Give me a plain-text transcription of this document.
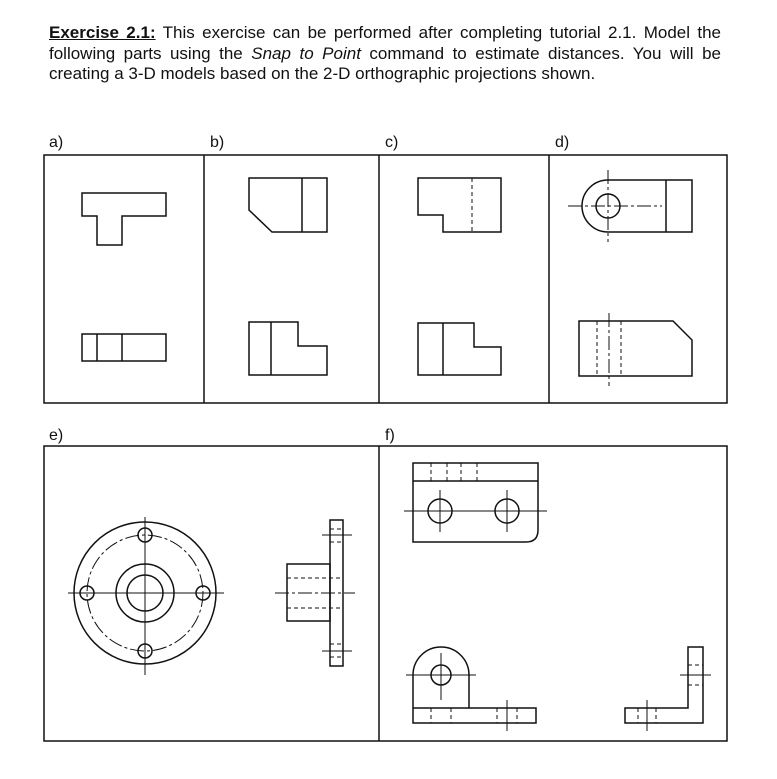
Exercise 2.1: This exercise can be performed after completing tutorial 2.1. Model the following parts using the Snap to Point command to estimate distances. You will be creating a 3-D models based on the 2-D orthographic projections shown.
a)	b)	c)	d)
e)	f)
